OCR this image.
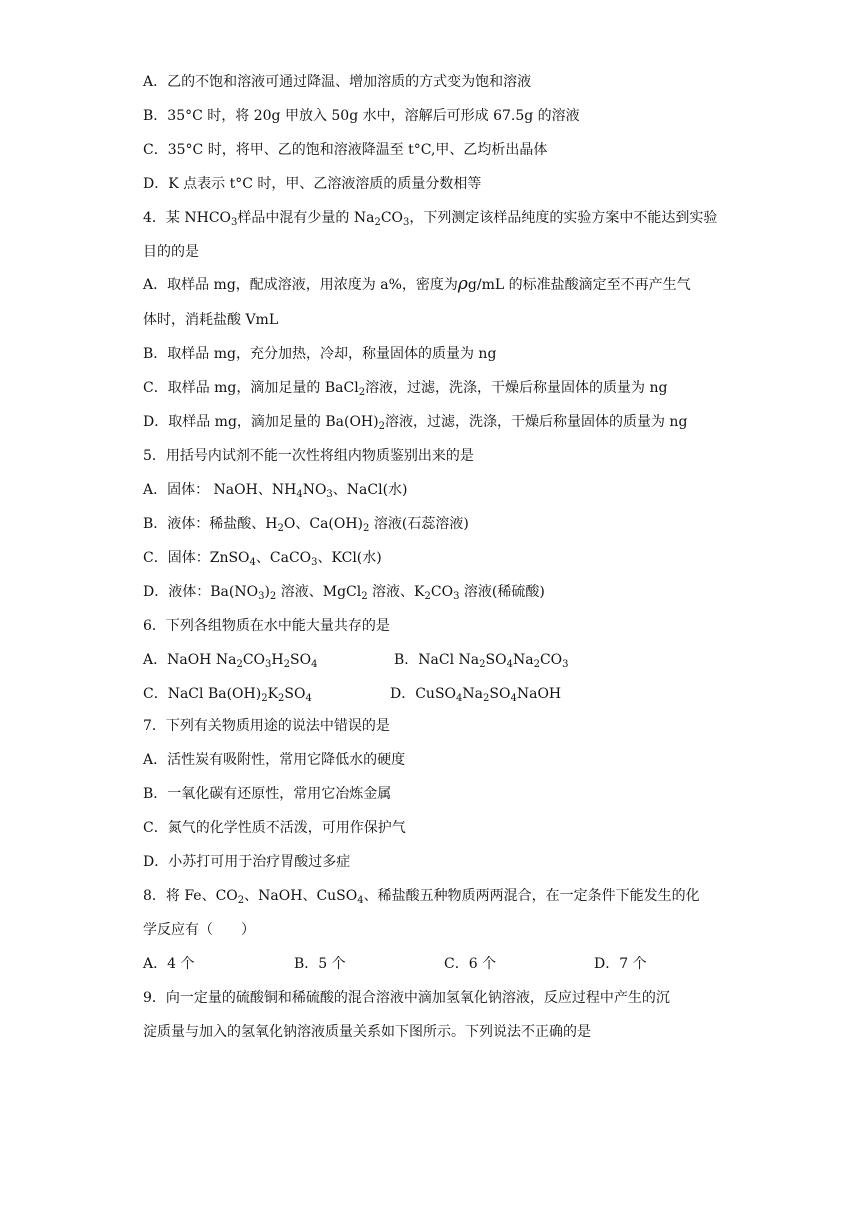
A．乙的不饱和溶液可通过降温、增加溶质的方式变为饱和溶液
B．35°C 时，将 20g 甲放入 50g 水中，溶解后可形成 67.5g 的溶液
C．35°C 时，将甲、乙的饱和溶液降温至 t°C,甲、乙均析出晶体
D．K 点表示 t°C 时，甲、乙溶液溶质的质量分数相等
4．某 $NHCO_3$样品中混有少量的 $Na_2CO_3$，下列测定该样品纯度的实验方案中不能达到实验
目的的是
A．取样品 mg，配成溶液，用浓度为 a%，密度为ρg/mL 的标准盐酸滴定至不再产生气
体时，消耗盐酸 VmL
B．取样品 mg，充分加热，冷却，称量固体的质量为 ng
C．取样品 mg，滴加足量的 BaCl$_2$溶液，过滤，洗涤，干燥后称量固体的质量为 ng
D．取样品 mg，滴加足量的 $Ba(OH)_2$溶液，过滤，洗涤，干燥后称量固体的质量为 ng
5．用括号内试剂不能一次性将组内物质鉴别出来的是
A．固体： NaOH、$NH_4NO_3$、NaCl(水)
B．液体：稀盐酸、$H_2O$、$Ca(OH)_2$ 溶液(石蕊溶液)
C．固体：ZnSO$_4$、CaCO$_3$、KCl(水)
D．液体：$Ba(NO_3)_2$ 溶液、MgCl$_2$ 溶液、$K_2CO_3$ 溶液(稀硫酸)
6．下列各组物质在水中能大量共存的是
A．NaOH $Na_2CO_3H_2SO_4$	B．NaCl $Na_2SO_4Na_2CO_3$
C．NaCl $Ba(OH)_2K_2SO_4$	D．$CuSO_4Na_2SO_4NaOH$
7．下列有关物质用途的说法中错误的是
A．活性炭有吸附性，常用它降低水的硬度
B．一氧化碳有还原性，常用它冶炼金属
C．氮气的化学性质不活泼，可用作保护气
D．小苏打可用于治疗胃酸过多症
8．将 Fe、$CO_2$、NaOH、CuSO$_4$、稀盐酸五种物质两两混合，在一定条件下能发生的化
学反应有（　　）
A．4 个	B．5 个	C．6 个	D．7 个
9．向一定量的硫酸铜和稀硫酸的混合溶液中滴加氢氧化钠溶液，反应过程中产生的沉
淀质量与加入的氢氧化钠溶液质量关系如下图所示。下列说法不正确的是
